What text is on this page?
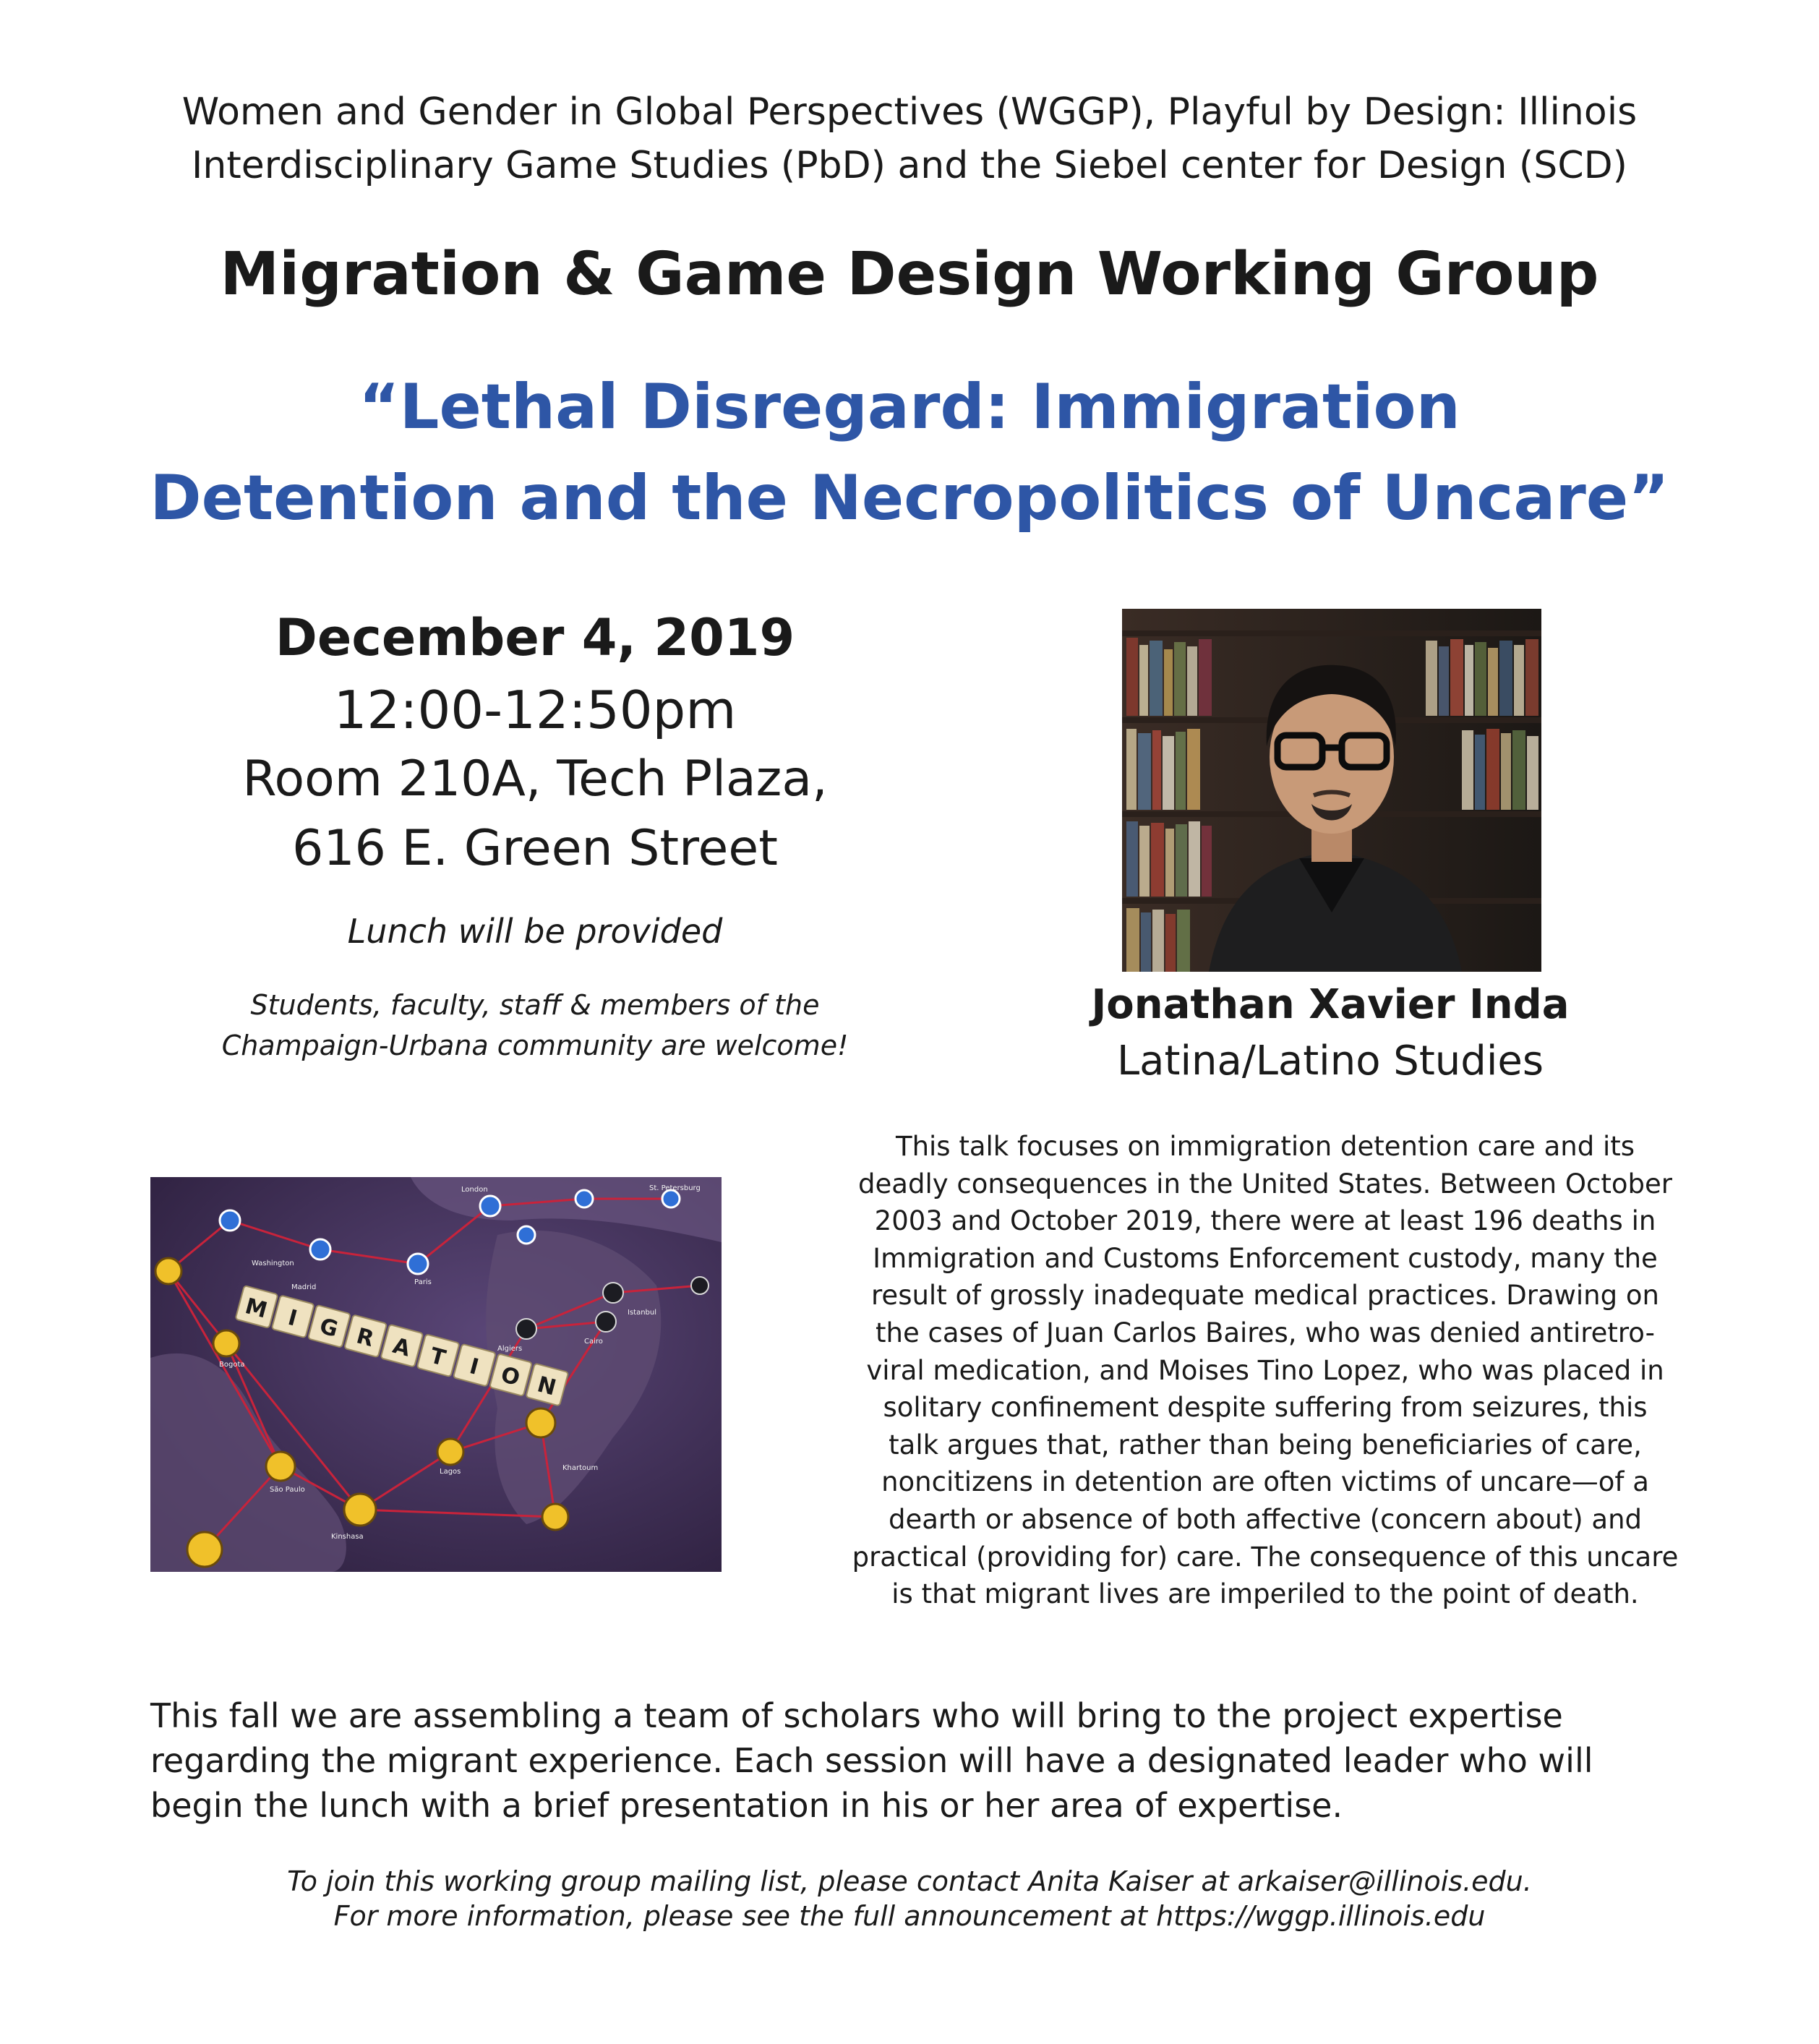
Women and Gender in Global Perspectives (WGGP), Playful by Design: Illinois
Interdisciplinary Game Studies (PbD) and the Siebel center for Design (SCD)
Migration & Game Design Working Group
“Lethal Disregard: Immigration
Detention and the Necropolitics of Uncare”
December 4, 2019
12:00-12:50pm
Room 210A, Tech Plaza,
616 E. Green Street
Lunch will be provided
Students, faculty, staff & members of the
Champaign-Urbana community are welcome!
Jonathan Xavier Inda
Latina/Latino Studies
London
Paris
Washington
Madrid
Bogota
Lagos
Kinshasa
São Paulo
Khartoum
Istanbul
St. Petersburg
Algiers
Cairo
M I G R A T I O N
This talk focuses on immigration detention care and its
deadly consequences in the United States. Between October
2003 and October 2019, there were at least 196 deaths in
Immigration and Customs Enforcement custody, many the
result of grossly inadequate medical practices. Drawing on
the cases of Juan Carlos Baires, who was denied antiretro-
viral medication, and Moises Tino Lopez, who was placed in
solitary confinement despite suffering from seizures, this
talk argues that, rather than being beneficiaries of care,
noncitizens in detention are often victims of uncare—of a
dearth or absence of both affective (concern about) and
practical (providing for) care. The consequence of this uncare
is that migrant lives are imperiled to the point of death.
This fall we are assembling a team of scholars who will bring to the project expertise
regarding the migrant experience. Each session will have a designated leader who will
begin the lunch with a brief presentation in his or her area of expertise.
To join this working group mailing list, please contact Anita Kaiser at arkaiser@illinois.edu.
For more information, please see the full announcement at https://wggp.illinois.edu
